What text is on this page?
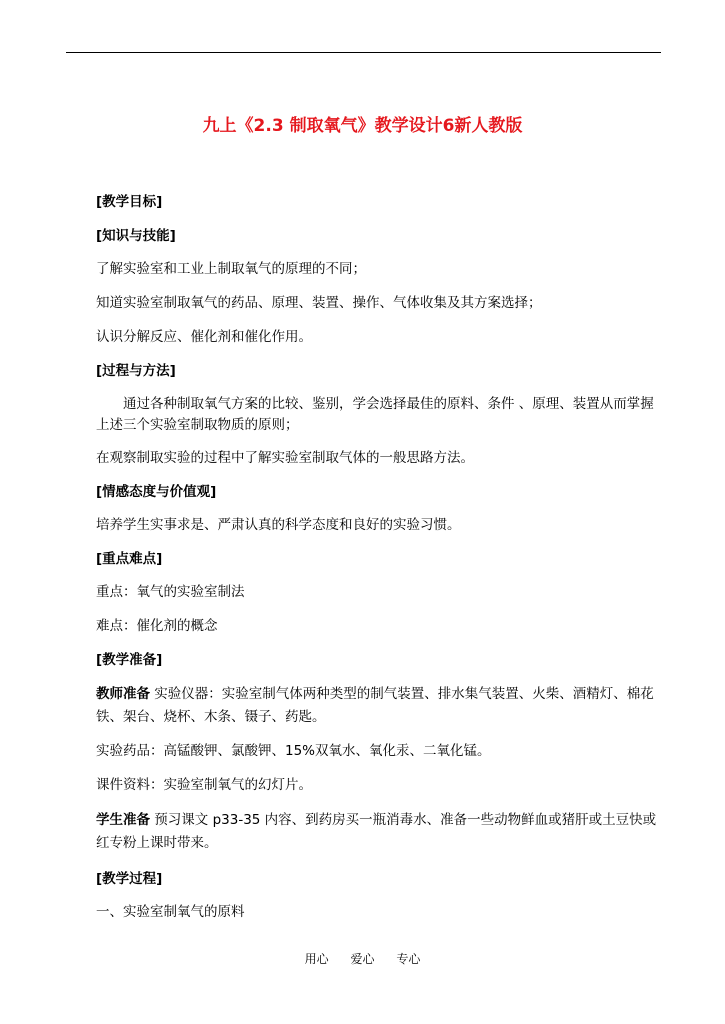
九上《2.3 制取氧气》教学设计6新人教版

[教学目标]

[知识与技能]

了解实验室和工业上制取氧气的原理的不同；

知道实验室制取氧气的药品、原理、装置、操作、气体收集及其方案选择；

认识分解反应、催化剂和催化作用。

[过程与方法]

通过各种制取氧气方案的比较、鉴别，学会选择最佳的原料、条件 、原理、装置从而掌握上述三个实验室制取物质的原则；

在观察制取实验的过程中了解实验室制取气体的一般思路方法。

[情感态度与价值观]

培养学生实事求是、严肃认真的科学态度和良好的实验习惯。

[重点难点]

重点：氧气的实验室制法

难点：催化剂的概念

[教学准备]

教师准备 实验仪器：实验室制气体两种类型的制气装置、排水集气装置、火柴、酒精灯、棉花铁、架台、烧杯、木条、镊子、药匙。

实验药品：高锰酸钾、氯酸钾、15%双氧水、氧化汞、二氧化锰。

课件资料：实验室制氧气的幻灯片。

学生准备 预习课文 p33-35 内容、到药房买一瓶消毒水、准备一些动物鲜血或猪肝或土豆快或红专粉上课时带来。

[教学过程]

一、实验室制氧气的原料

用心 爱心 专心
